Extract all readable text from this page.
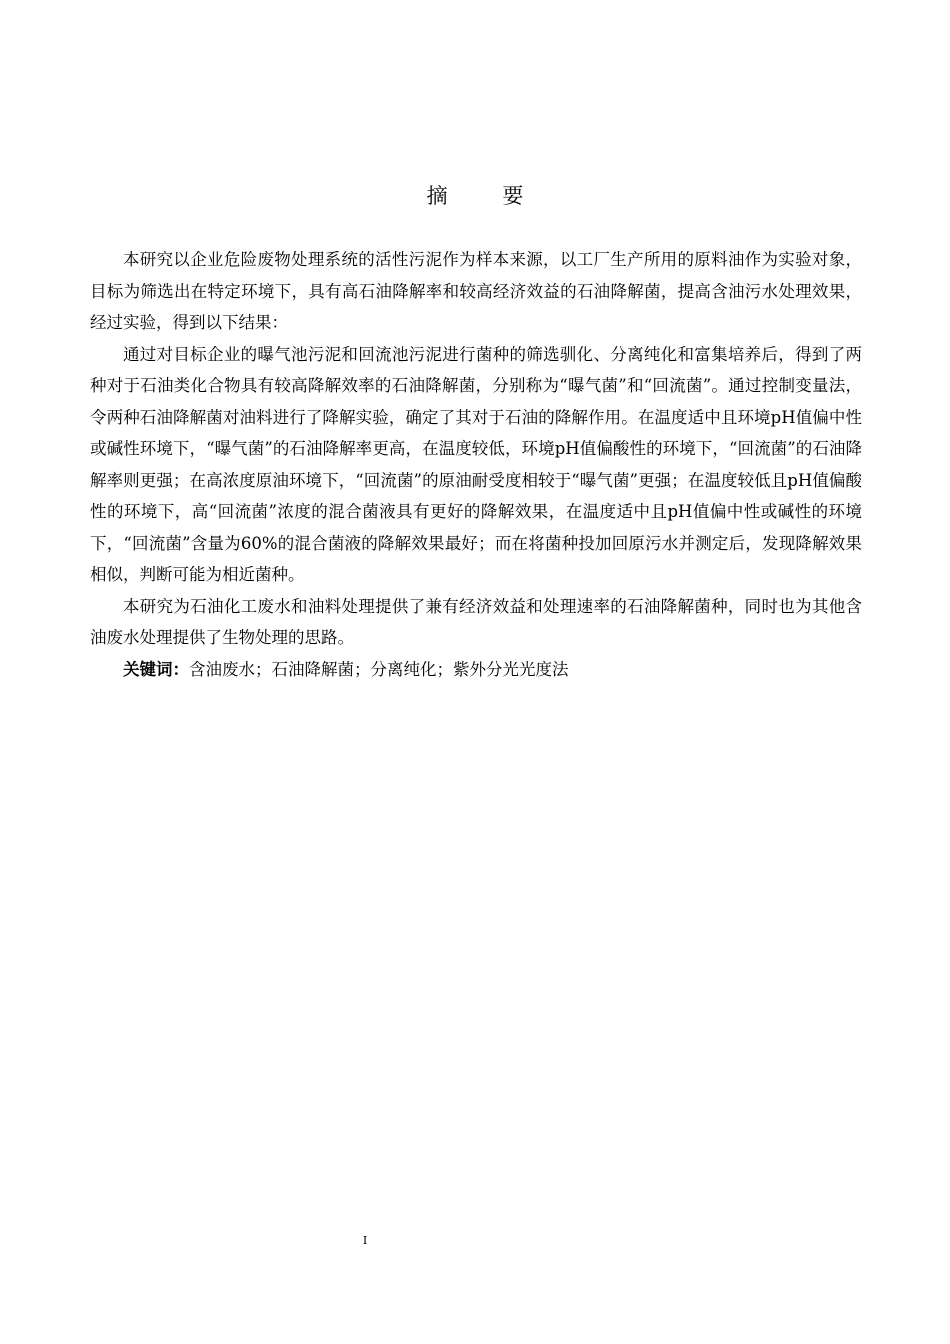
摘 要

本研究以企业危险废物处理系统的活性污泥作为样本来源，以工厂生产所用的原料油作为实验对象，目标为筛选出在特定环境下，具有高石油降解率和较高经济效益的石油降解菌，提高含油污水处理效果，经过实验，得到以下结果：

通过对目标企业的曝气池污泥和回流池污泥进行菌种的筛选驯化、分离纯化和富集培养后，得到了两种对于石油类化合物具有较高降解效率的石油降解菌，分别称为“曝气菌”和“回流菌”。通过控制变量法，令两种石油降解菌对油料进行了降解实验，确定了其对于石油的降解作用。在温度适中且环境pH值偏中性或碱性环境下，“曝气菌”的石油降解率更高，在温度较低，环境pH值偏酸性的环境下，“回流菌”的石油降解率则更强；在高浓度原油环境下，“回流菌”的原油耐受度相较于“曝气菌”更强；在温度较低且pH值偏酸性的环境下，高“回流菌”浓度的混合菌液具有更好的降解效果，在温度适中且pH值偏中性或碱性的环境下，“回流菌”含量为60%的混合菌液的降解效果最好；而在将菌种投加回原污水并测定后，发现降解效果相似，判断可能为相近菌种。

本研究为石油化工废水和油料处理提供了兼有经济效益和处理速率的石油降解菌种，同时也为其他含油废水处理提供了生物处理的思路。

关键词：含油废水；石油降解菌；分离纯化；紫外分光光度法

I
